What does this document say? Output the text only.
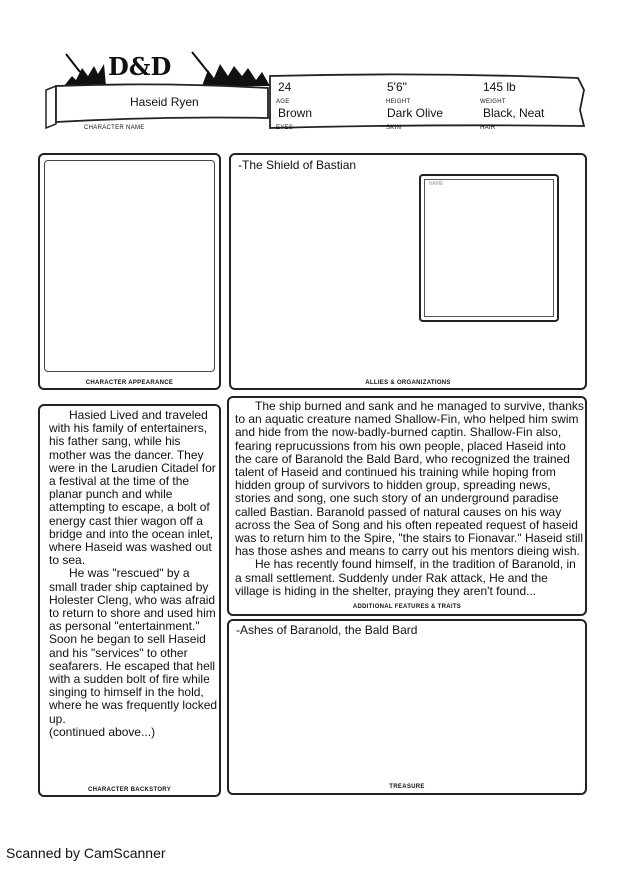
D&D
Haseid Ryen
CHARACTER NAME
24
AGE
5'6"
HEIGHT
145 lb
WEIGHT
Brown
EYES
Dark Olive
SKIN
Black, Neat
HAIR
CHARACTER APPEARANCE
-The Shield of Bastian
NAME
ALLIES & ORGANIZATIONS

Hasied Lived and traveled with his family of entertainers, his father sang, while his mother was the dancer. They were in the Larudien Citadel for a festival at the time of the planar punch and while attempting to escape, a bolt of energy cast thier wagon off a bridge and into the ocean inlet, where Haseid was washed out to sea.

He was "rescued" by a small trader ship captained by Holester Cleng, who was afraid to return to shore and used him as personal "entertainment." Soon he began to sell Haseid and his "services" to other seafarers. He escaped that hell with a sudden bolt of fire while singing to himself in the hold, where he was frequently locked up.

(continued above...)

CHARACTER BACKSTORY

The ship burned and sank and he managed to survive, thanks to an aquatic creature named Shallow-Fin, who helped him swim and hide from the now-badly-burned captin. Shallow-Fin also, fearing reprucussions from his own people, placed Haseid into the care of Baranold the Bald Bard, who recognized the trained talent of Haseid and continued his training while hoping from hidden group of survivors to hidden group, spreading news, stories and song, one such story of an underground paradise called Bastian. Baranold passed of natural causes on his way across the Sea of Song and his often repeated request of haseid was to return him to the Spire, "the stairs to Fionavar." Haseid still has those ashes and means to carry out his mentors dieing wish.

He has recently found himself, in the tradition of Baranold, in a small settlement. Suddenly under Rak attack, He and the village is hiding in the shelter, praying they aren't found...

ADDITIONAL FEATURES & TRAITS
-Ashes of Baranold, the Bald Bard
TREASURE
Scanned by CamScanner
